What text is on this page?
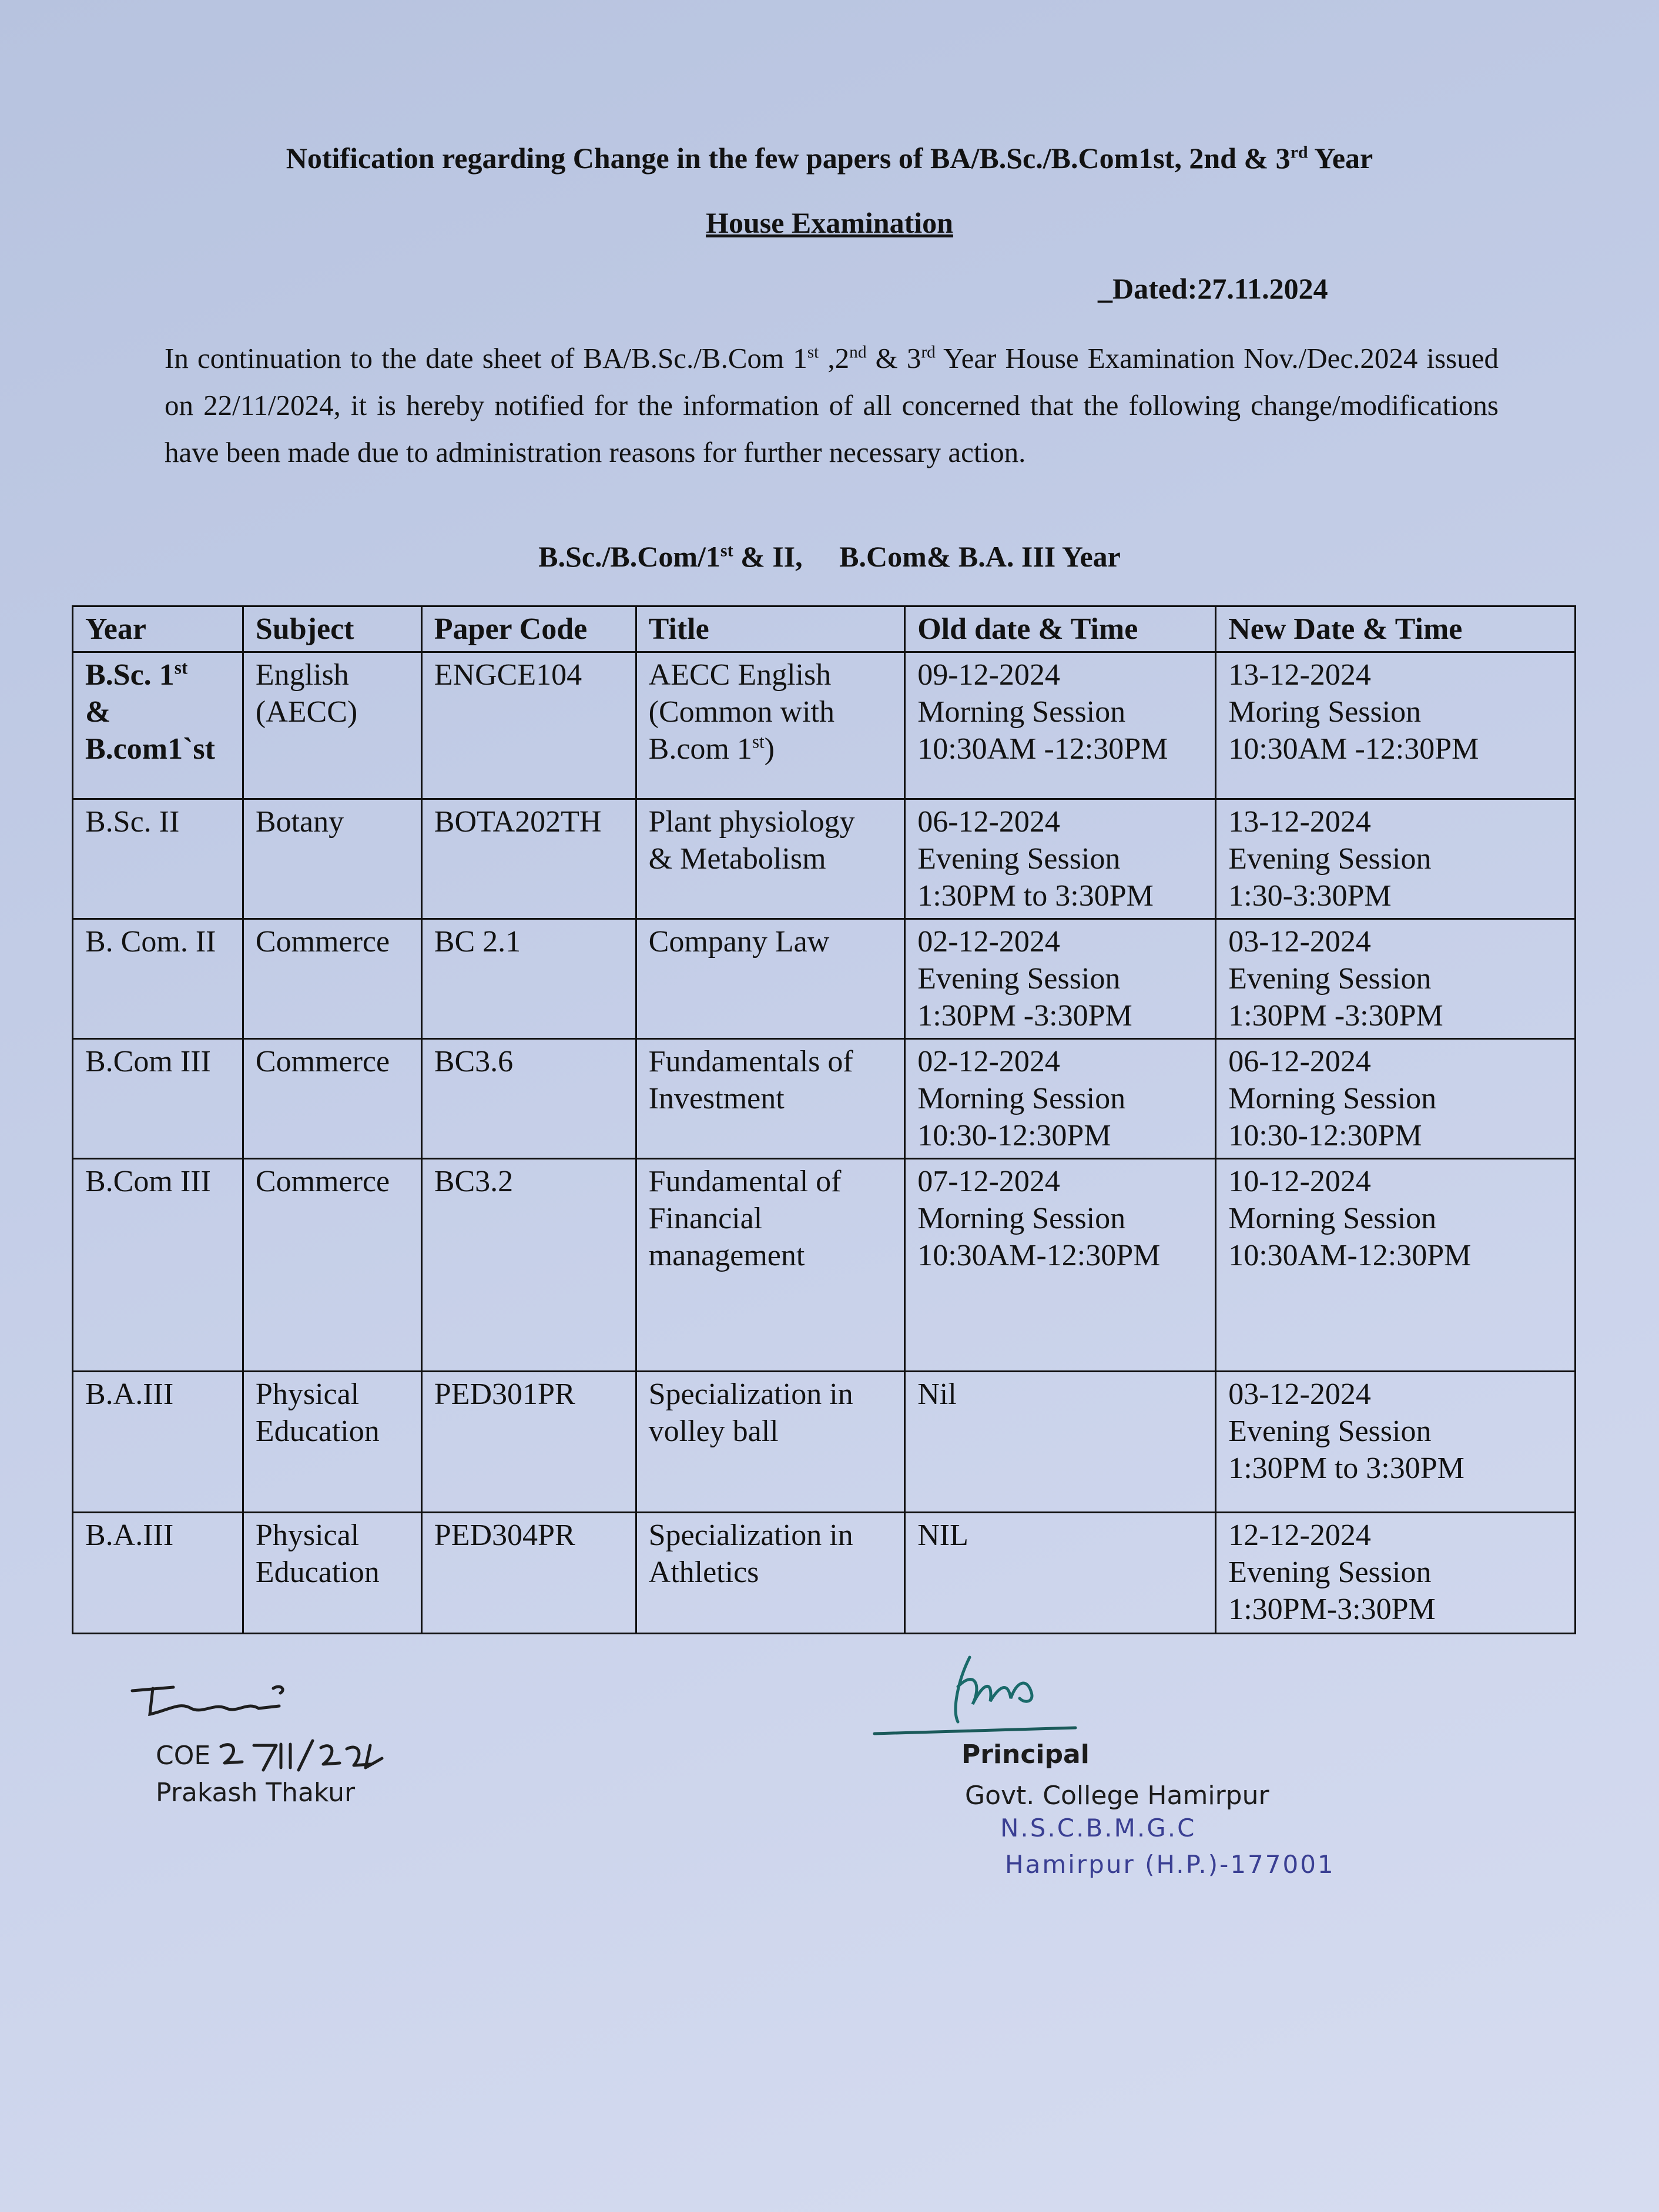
Notification regarding Change in the few papers of BA/B.Sc./B.Com1st, 2nd & 3rd Year
House Examination
_Dated:27.11.2024
In continuation to the date sheet of BA/B.Sc./B.Com 1st ,2nd & 3rd Year House Examination Nov./Dec.2024 issued on 22/11/2024, it is hereby notified for the information of all concerned that the following change/modifications have been made due to administration reasons for further necessary action.
B.Sc./B.Com/1st & II,     B.Com& B.A. III Year
Year	Subject	Paper Code	Title	Old date & Time	New Date & Time

B.Sc. 1st
&
B.com1`st	English
(AECC)	ENGCE104	AECC English
(Common with
B.com 1st)	09-12-2024
Morning Session
10:30AM -12:30PM	13-12-2024
Moring Session
10:30AM -12:30PM

B.Sc. II	Botany	BOTA202TH	Plant physiology
& Metabolism	06-12-2024
Evening Session
1:30PM to 3:30PM	13-12-2024
Evening Session
1:30-3:30PM

B. Com. II	Commerce	BC 2.1	Company Law	02-12-2024
Evening Session
1:30PM -3:30PM	03-12-2024
Evening Session
1:30PM -3:30PM

B.Com III	Commerce	BC3.6	Fundamentals of
Investment	02-12-2024
Morning Session
10:30-12:30PM	06-12-2024
Morning Session
10:30-12:30PM

B.Com III	Commerce	BC3.2	Fundamental of
Financial
management	07-12-2024
Morning Session
10:30AM-12:30PM	10-12-2024
Morning Session
10:30AM-12:30PM

B.A.III	Physical
Education	PED301PR	Specialization in
volley ball	Nil	03-12-2024
Evening Session
1:30PM to 3:30PM

B.A.III	Physical
Education	PED304PR	Specialization in
Athletics	NIL	12-12-2024
Evening Session
1:30PM-3:30PM
COE
Prakash Thakur
Principal
Govt. College Hamirpur
N.S.C.B.M.G.C
Hamirpur (H.P.)-177001
